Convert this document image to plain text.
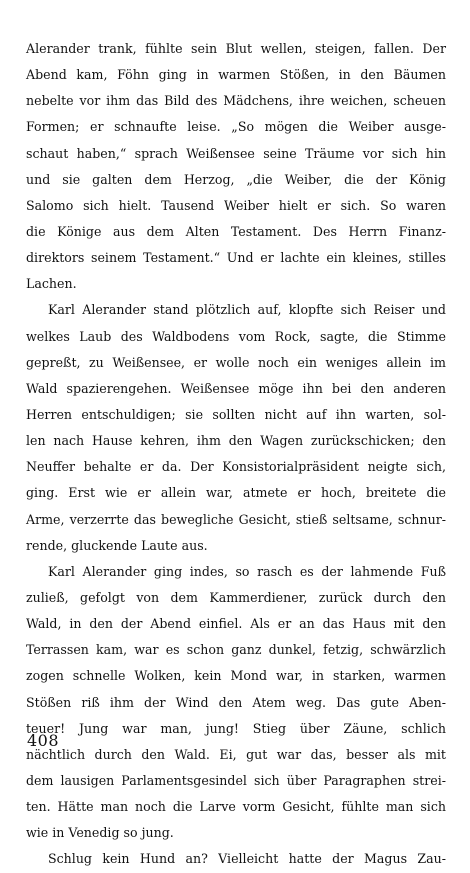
Alerander trank, fühlte sein Blut wellen, steigen, fallen. Der
Abend kam, Föhn ging in warmen Stößen, in den Bäumen
nebelte vor ihm das Bild des Mädchens, ihre weichen, scheuen
Formen; er schnaufte leise. „So mögen die Weiber ausge-
schaut haben,“ sprach Weißensee seine Träume vor sich hin
und sie galten dem Herzog, „die Weiber, die der König
Salomo sich hielt. Tausend Weiber hielt er sich. So waren
die Könige aus dem Alten Testament. Des Herrn Finanz-
direktors seinem Testament.“ Und er lachte ein kleines, stilles
Lachen.
Karl Alerander stand plötzlich auf, klopfte sich Reiser und
welkes Laub des Waldbodens vom Rock, sagte, die Stimme
gepreßt, zu Weißensee, er wolle noch ein weniges allein im
Wald spazierengehen. Weißensee möge ihn bei den anderen
Herren entschuldigen; sie sollten nicht auf ihn warten, sol-
len nach Hause kehren, ihm den Wagen zurückschicken; den
Neuffer behalte er da. Der Konsistorialpräsident neigte sich,
ging. Erst wie er allein war, atmete er hoch, breitete die
Arme, verzerrte das bewegliche Gesicht, stieß seltsame, schnur-
rende, gluckende Laute aus.
Karl Alerander ging indes, so rasch es der lahmende Fuß
zuließ, gefolgt von dem Kammerdiener, zurück durch den
Wald, in den der Abend einfiel. Als er an das Haus mit den
Terrassen kam, war es schon ganz dunkel, fetzig, schwärzlich
zogen schnelle Wolken, kein Mond war, in starken, warmen
Stößen riß ihm der Wind den Atem weg. Das gute Aben-
teuer! Jung war man, jung! Stieg über Zäune, schlich
nächtlich durch den Wald. Ei, gut war das, besser als mit
dem lausigen Parlamentsgesindel sich über Paragraphen strei-
ten. Hätte man noch die Larve vorm Gesicht, fühlte man sich
wie in Venedig so jung.
Schlug kein Hund an? Vielleicht hatte der Magus Zau-
408
